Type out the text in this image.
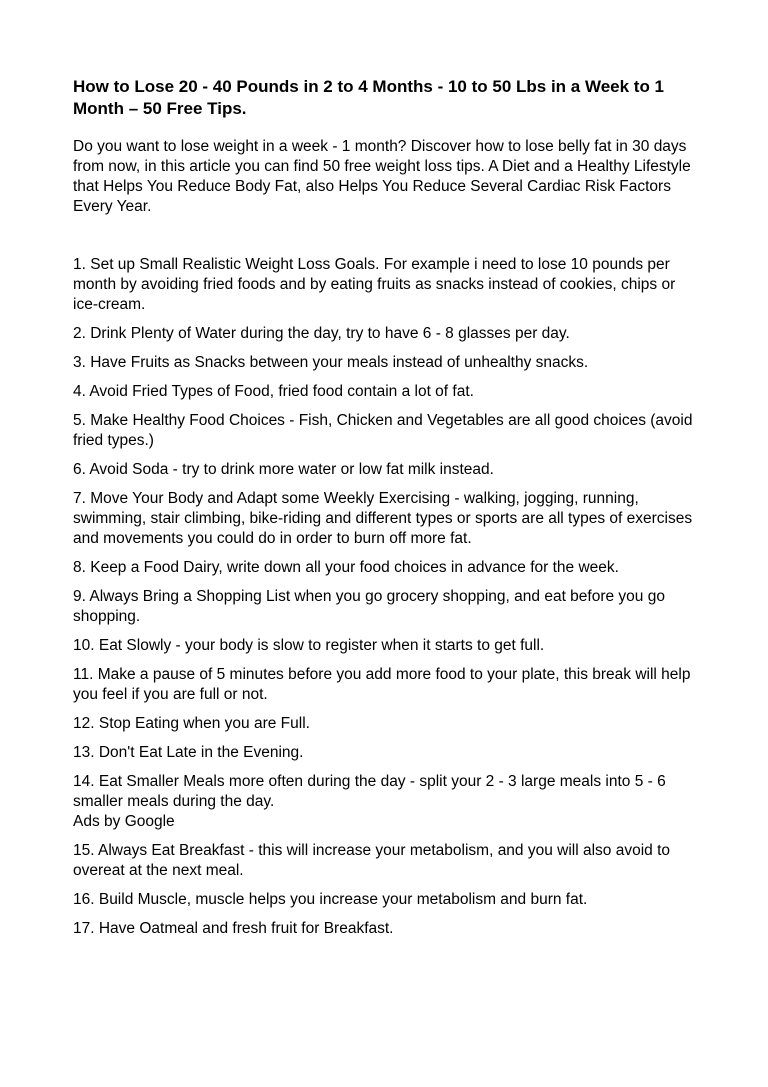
How to Lose 20 - 40 Pounds in 2 to 4 Months - 10 to 50 Lbs in a Week to 1 Month – 50 Free Tips.

Do you want to lose weight in a week - 1 month? Discover how to lose belly fat in 30 days from now, in this article you can find 50 free weight loss tips. A Diet and a Healthy Lifestyle that Helps You Reduce Body Fat, also Helps You Reduce Several Cardiac Risk Factors Every Year.

1. Set up Small Realistic Weight Loss Goals. For example i need to lose 10 pounds per month by avoiding fried foods and by eating fruits as snacks instead of cookies, chips or ice-cream.
2. Drink Plenty of Water during the day, try to have 6 - 8 glasses per day.
3. Have Fruits as Snacks between your meals instead of unhealthy snacks.
4. Avoid Fried Types of Food, fried food contain a lot of fat.
5. Make Healthy Food Choices - Fish, Chicken and Vegetables are all good choices (avoid fried types.)
6. Avoid Soda - try to drink more water or low fat milk instead.
7. Move Your Body and Adapt some Weekly Exercising - walking, jogging, running, swimming, stair climbing, bike-riding and different types or sports are all types of exercises and movements you could do in order to burn off more fat.
8. Keep a Food Dairy, write down all your food choices in advance for the week.
9. Always Bring a Shopping List when you go grocery shopping, and eat before you go shopping.
10. Eat Slowly - your body is slow to register when it starts to get full.
11. Make a pause of 5 minutes before you add more food to your plate, this break will help you feel if you are full or not.
12. Stop Eating when you are Full.
13. Don't Eat Late in the Evening.
14. Eat Smaller Meals more often during the day - split your 2 - 3 large meals into 5 - 6 smaller meals during the day.
Ads by Google
15. Always Eat Breakfast - this will increase your metabolism, and you will also avoid to overeat at the next meal.
16. Build Muscle, muscle helps you increase your metabolism and burn fat.
17. Have Oatmeal and fresh fruit for Breakfast.
